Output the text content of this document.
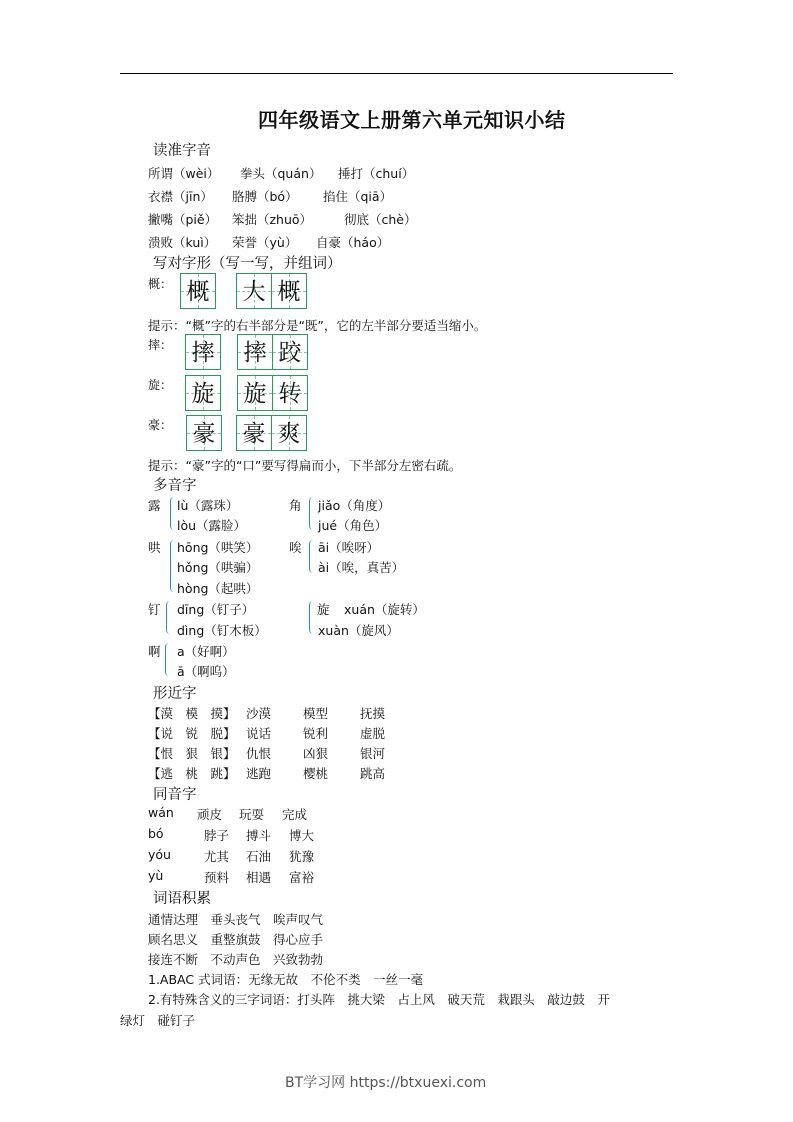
四年级语文上册第六单元知识小结
读准字音
所谓（wèi） 拳头（quán） 捶打（chuí）
衣襟（jīn） 胳膊（bó） 掐住（qiā）
撇嘴（piě） 笨拙（zhuō）	彻底（chè）
溃败（kuì） 荣誉（yù） 自豪（háo）
写对字形（写一写，并组词）
概： 概 大 概
提示：“概”字的右半部分是“既”，它的左半部分要适当缩小。
摔： 摔 摔 跤
旋： 旋 旋 转
豪： 豪 豪 爽
提示：“豪”字的“口”要写得扁而小，下半部分左密右疏。
多音字
露 lù（露珠）
lòu（露脸）
角 jiǎo（角度）
jué（角色）
哄 hōng（哄笑）
hǒng（哄骗）
hòng（起哄）
唉 āi（唉呀）
ài（唉，真苦）
钉 dīng（钉子）
dìng（钉木板）
旋 xuán（旋转）
xuàn（旋风）
啊 a（好啊）
ā（啊呜）
形近字
【漠　模　摸】 沙漠	模型	抚摸
【说　锐　脱】 说话	锐利	虚脱
【恨　狠　银】 仇恨	凶狠	银河
【逃　桃　跳】 逃跑	樱桃	跳高
同音字
wán 顽皮 玩耍 完成
bó	脖子 搏斗 博大
yóu	尤其 石油 犹豫
yù	预料 相遇 富裕
词语积累
通情达理　垂头丧气　唉声叹气
顾名思义　重整旗鼓　得心应手
接连不断　不动声色　兴致勃勃
1.ABAC 式词语：无缘无故　不伦不类　一丝一毫
2.有特殊含义的三字词语：打头阵　挑大梁　占上风　破天荒　栽跟头　敲边鼓　开
绿灯　碰钉子
BT学习网 https://btxuexi.com
